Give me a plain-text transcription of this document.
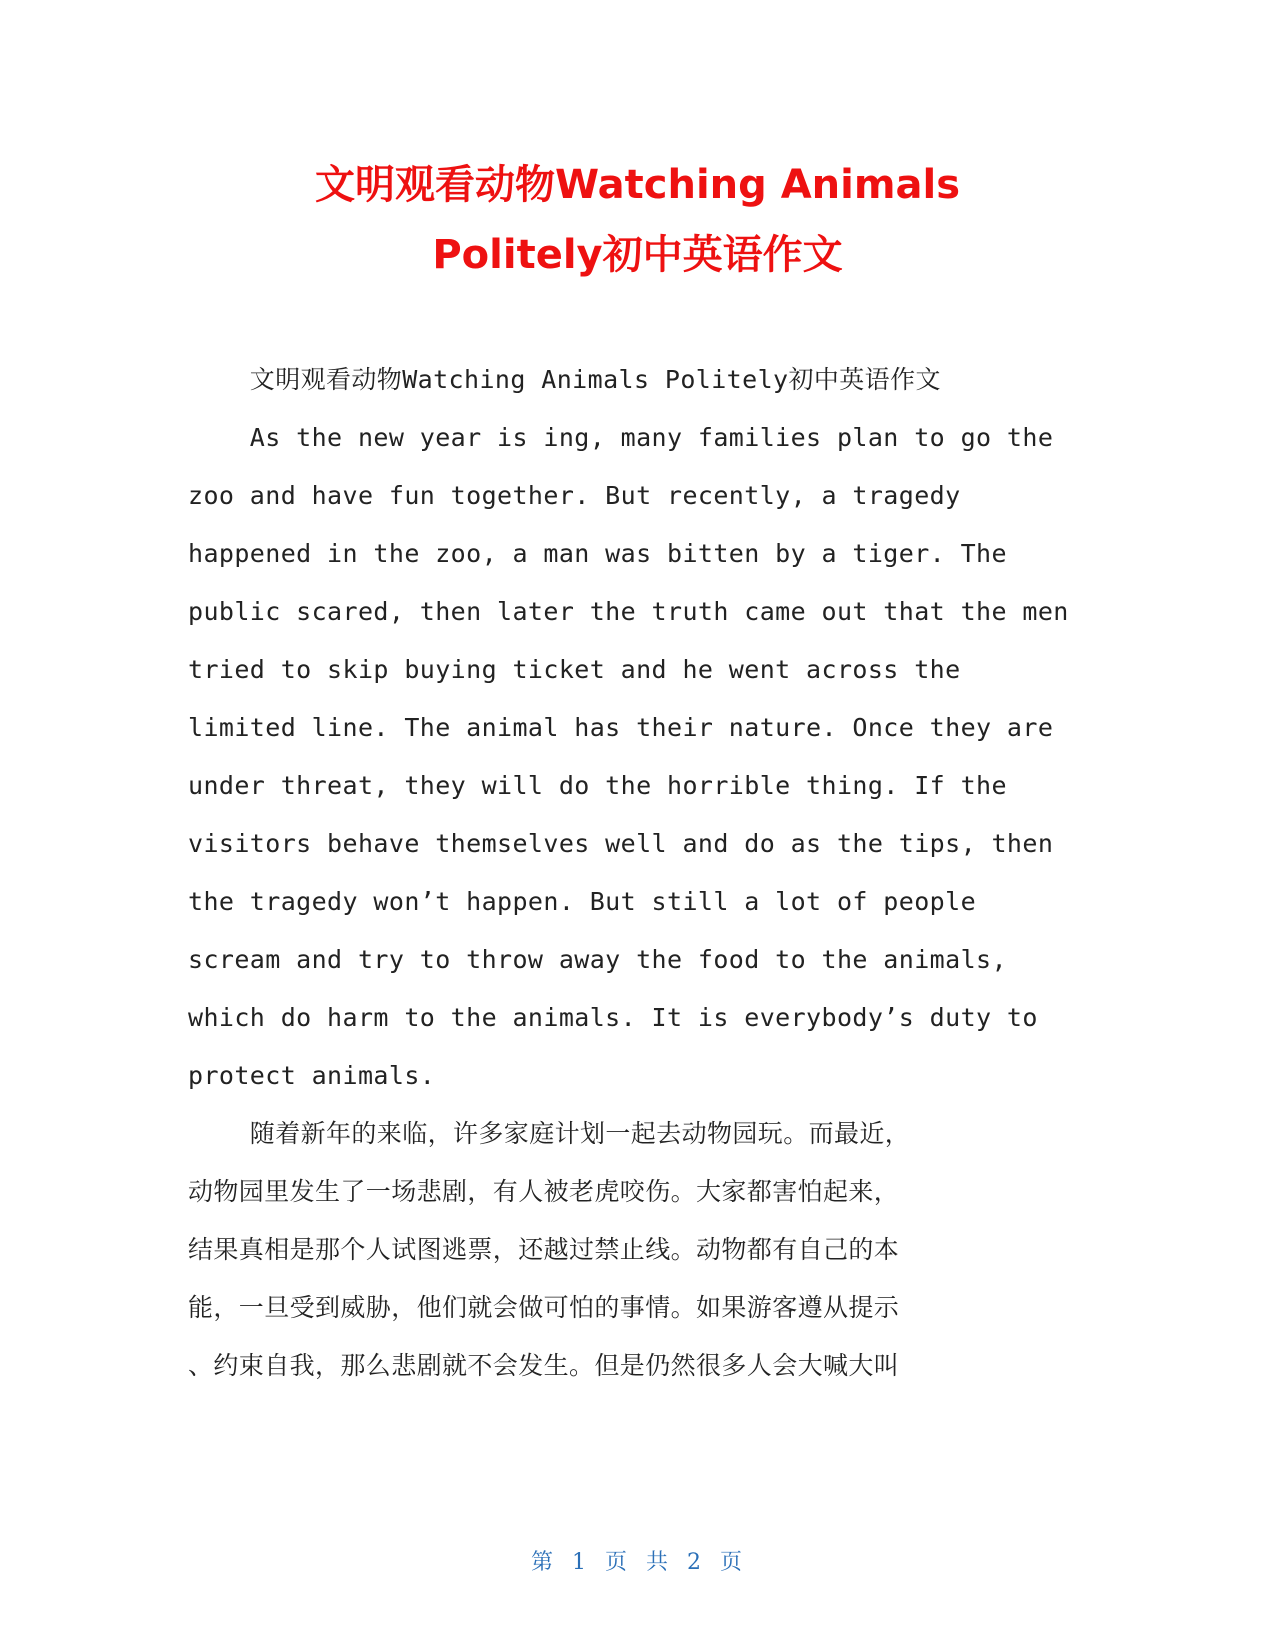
文明观看动物Watching Animals
Politely初中英语作文
文明观看动物Watching Animals Politely初中英语作文
As the new year is ing, many families plan to go the
zoo and have fun together. But recently, a tragedy
happened in the zoo, a man was bitten by a tiger. The
public scared, then later the truth came out that the men
tried to skip buying ticket and he went across the
limited line. The animal has their nature. Once they are
under threat, they will do the horrible thing. If the
visitors behave themselves well and do as the tips, then
the tragedy won’t happen. But still a lot of people
scream and try to throw away the food to the animals,
which do harm to the animals. It is everybody’s duty to
protect animals.
随着新年的来临，许多家庭计划一起去动物园玩。而最近，
动物园里发生了一场悲剧，有人被老虎咬伤。大家都害怕起来，
结果真相是那个人试图逃票，还越过禁止线。动物都有自己的本
能，一旦受到威胁，他们就会做可怕的事情。如果游客遵从提示
、约束自我，那么悲剧就不会发生。但是仍然很多人会大喊大叫
第 1 页 共 2 页
